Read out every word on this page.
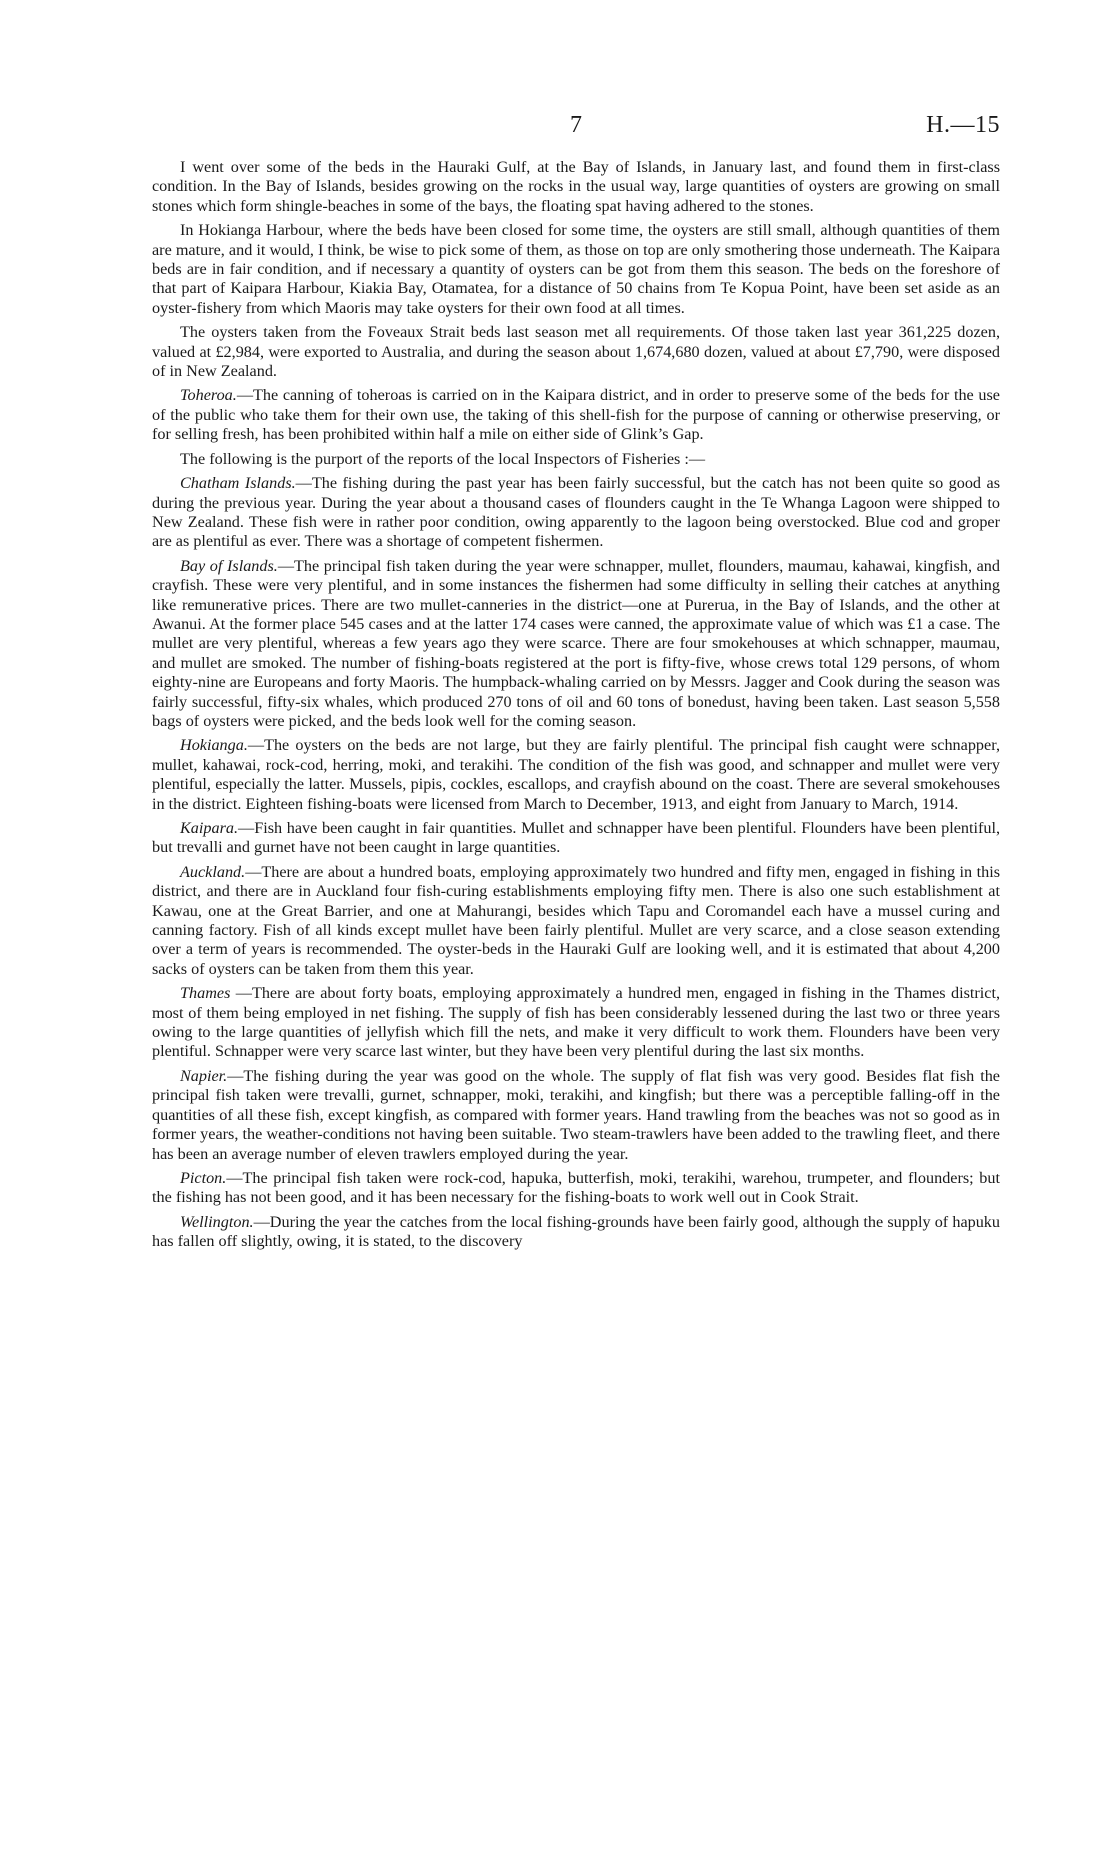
7	H.—15

I went over some of the beds in the Hauraki Gulf, at the Bay of Islands, in January last, and found them in first-class condition. In the Bay of Islands, besides growing on the rocks in the usual way, large quantities of oysters are growing on small stones which form shingle-beaches in some of the bays, the floating spat having adhered to the stones.

In Hokianga Harbour, where the beds have been closed for some time, the oysters are still small, although quantities of them are mature, and it would, I think, be wise to pick some of them, as those on top are only smothering those underneath. The Kaipara beds are in fair condition, and if necessary a quantity of oysters can be got from them this season. The beds on the foreshore of that part of Kaipara Harbour, Kiakia Bay, Otamatea, for a distance of 50 chains from Te Kopua Point, have been set aside as an oyster-fishery from which Maoris may take oysters for their own food at all times.

The oysters taken from the Foveaux Strait beds last season met all requirements. Of those taken last year 361,225 dozen, valued at £2,984, were exported to Australia, and during the season about 1,674,680 dozen, valued at about £7,790, were disposed of in New Zealand.

Toheroa.—The canning of toheroas is carried on in the Kaipara district, and in order to preserve some of the beds for the use of the public who take them for their own use, the taking of this shell-fish for the purpose of canning or otherwise preserving, or for selling fresh, has been prohibited within half a mile on either side of Glink’s Gap.

The following is the purport of the reports of the local Inspectors of Fisheries :—

Chatham Islands.—The fishing during the past year has been fairly successful, but the catch has not been quite so good as during the previous year. During the year about a thousand cases of flounders caught in the Te Whanga Lagoon were shipped to New Zealand. These fish were in rather poor condition, owing apparently to the lagoon being overstocked. Blue cod and groper are as plentiful as ever. There was a shortage of competent fishermen.

Bay of Islands.—The principal fish taken during the year were schnapper, mullet, flounders, maumau, kahawai, kingfish, and crayfish. These were very plentiful, and in some instances the fishermen had some difficulty in selling their catches at anything like remunerative prices. There are two mullet-canneries in the district—one at Purerua, in the Bay of Islands, and the other at Awanui. At the former place 545 cases and at the latter 174 cases were canned, the approximate value of which was £1 a case. The mullet are very plentiful, whereas a few years ago they were scarce. There are four smokehouses at which schnapper, maumau, and mullet are smoked. The number of fishing-boats registered at the port is fifty-five, whose crews total 129 persons, of whom eighty-nine are Europeans and forty Maoris. The humpback-whaling carried on by Messrs. Jagger and Cook during the season was fairly successful, fifty-six whales, which produced 270 tons of oil and 60 tons of bonedust, having been taken. Last season 5,558 bags of oysters were picked, and the beds look well for the coming season.

Hokianga.—The oysters on the beds are not large, but they are fairly plentiful. The principal fish caught were schnapper, mullet, kahawai, rock-cod, herring, moki, and terakihi. The condition of the fish was good, and schnapper and mullet were very plentiful, especially the latter. Mussels, pipis, cockles, escallops, and crayfish abound on the coast. There are several smokehouses in the district. Eighteen fishing-boats were licensed from March to December, 1913, and eight from January to March, 1914.

Kaipara.—Fish have been caught in fair quantities. Mullet and schnapper have been plentiful. Flounders have been plentiful, but trevalli and gurnet have not been caught in large quantities.

Auckland.—There are about a hundred boats, employing approximately two hundred and fifty men, engaged in fishing in this district, and there are in Auckland four fish-curing establishments employing fifty men. There is also one such establishment at Kawau, one at the Great Barrier, and one at Mahurangi, besides which Tapu and Coromandel each have a mussel curing and canning factory. Fish of all kinds except mullet have been fairly plentiful. Mullet are very scarce, and a close season extending over a term of years is recommended. The oyster-beds in the Hauraki Gulf are looking well, and it is estimated that about 4,200 sacks of oysters can be taken from them this year.

Thames —There are about forty boats, employing approximately a hundred men, engaged in fishing in the Thames district, most of them being employed in net fishing. The supply of fish has been considerably lessened during the last two or three years owing to the large quantities of jellyfish which fill the nets, and make it very difficult to work them. Flounders have been very plentiful. Schnapper were very scarce last winter, but they have been very plentiful during the last six months.

Napier.—The fishing during the year was good on the whole. The supply of flat fish was very good. Besides flat fish the principal fish taken were trevalli, gurnet, schnapper, moki, terakihi, and kingfish; but there was a perceptible falling-off in the quantities of all these fish, except kingfish, as compared with former years. Hand trawling from the beaches was not so good as in former years, the weather-conditions not having been suitable. Two steam-trawlers have been added to the trawling fleet, and there has been an average number of eleven trawlers employed during the year.

Picton.—The principal fish taken were rock-cod, hapuka, butterfish, moki, terakihi, warehou, trumpeter, and flounders; but the fishing has not been good, and it has been necessary for the fishing-boats to work well out in Cook Strait.

Wellington.—During the year the catches from the local fishing-grounds have been fairly good, although the supply of hapuku has fallen off slightly, owing, it is stated, to the discovery
